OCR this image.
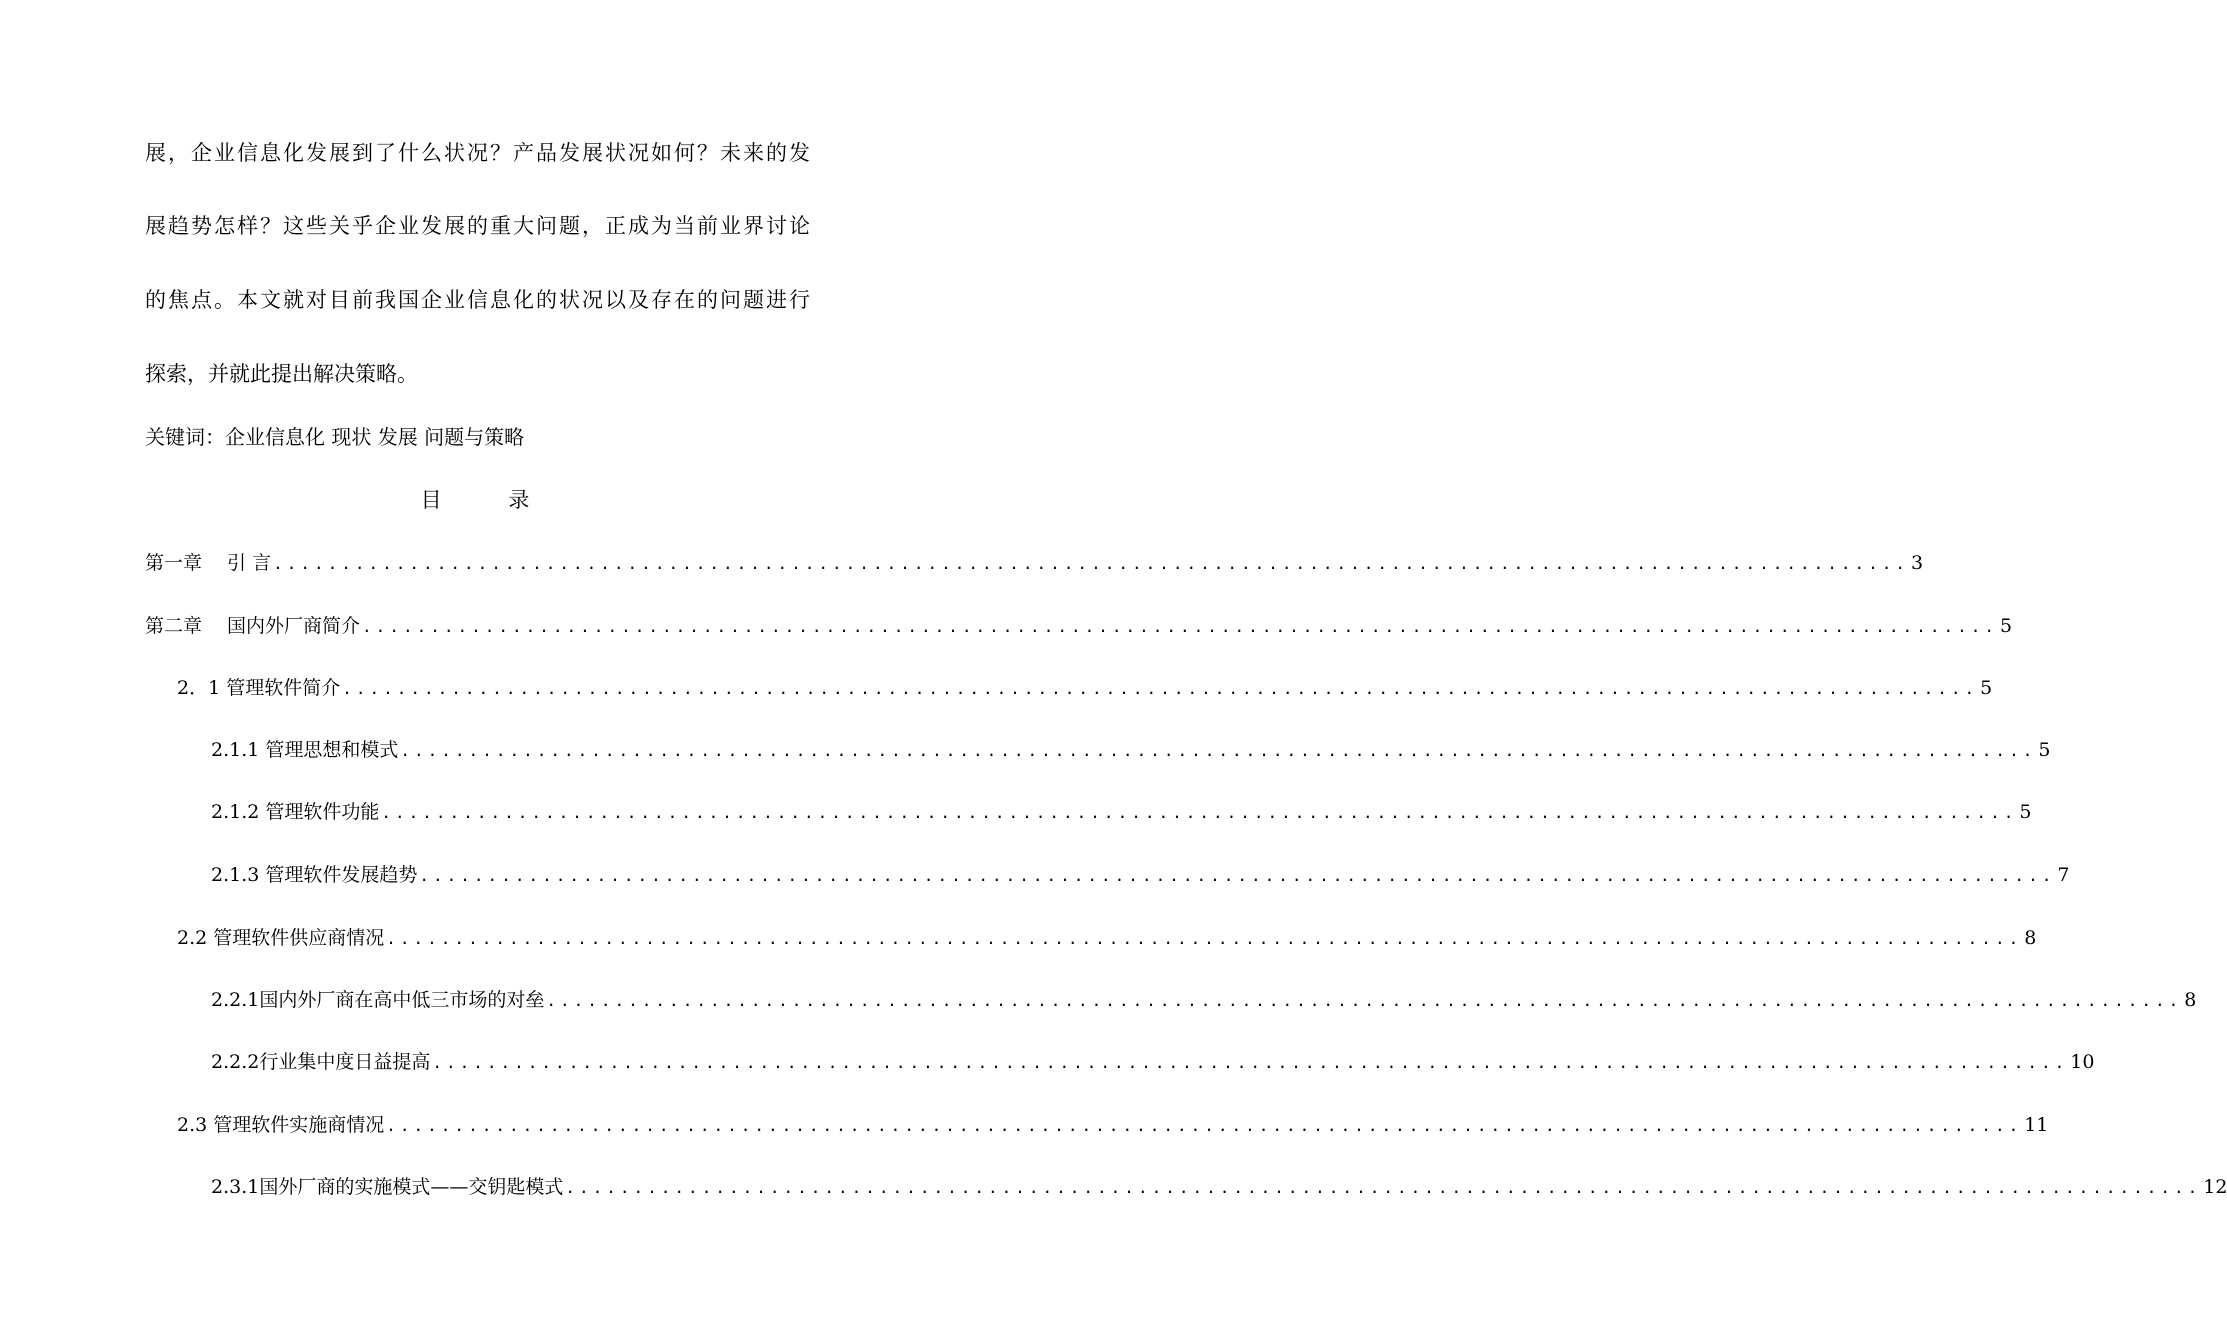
展，企业信息化发展到了什么状况？产品发展状况如何？未来的发
展趋势怎样？这些关乎企业发展的重大问题，正成为当前业界讨论
的焦点。本文就对目前我国企业信息化的状况以及存在的问题进行
探索，并就此提出解决策略。
关键词：企业信息化 现状 发展 问题与策略
目 录
第一章　 引 言 ........................................................................................................................ 3
第二章　 国内外厂商简介 ........................................................................................................................ 5
2．1 管理软件简介 ........................................................................................................................ 5
2.1.1 管理思想和模式 ........................................................................................................................ 5
2.1.2 管理软件功能 ........................................................................................................................ 5
2.1.3 管理软件发展趋势 ........................................................................................................................ 7
2.2 管理软件供应商情况 ........................................................................................................................ 8
2.2.1国内外厂商在高中低三市场的对垒 ........................................................................................................................ 8
2.2.2行业集中度日益提高 ........................................................................................................................ 10
2.3 管理软件实施商情况 ........................................................................................................................ 11
2.3.1国外厂商的实施模式——交钥匙模式 ........................................................................................................................ 12
